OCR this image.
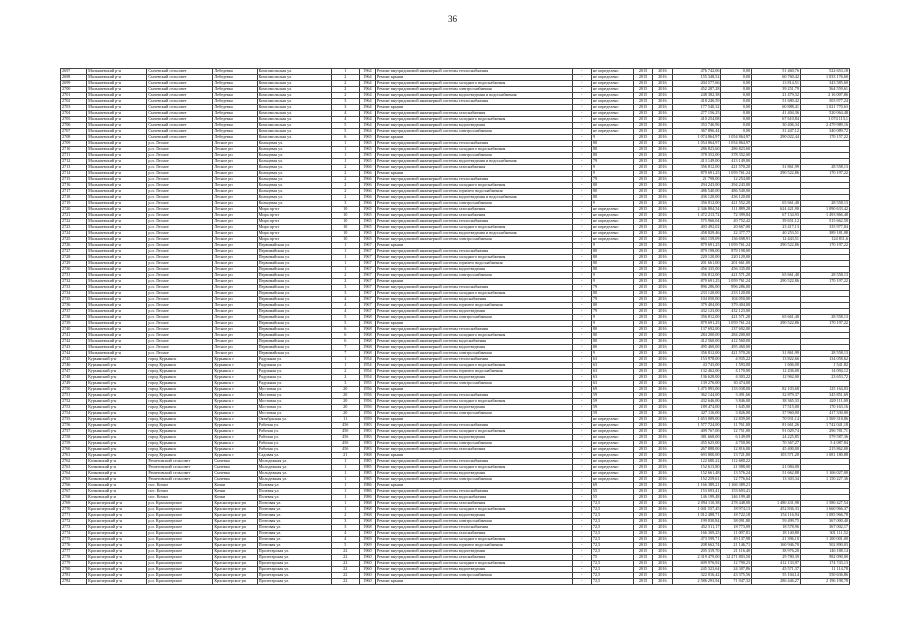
36
2697	Малышевский р-н	Сычевский сельсовет	Лебедевка	Комсомольская ул.	1	1964	Ремонт внутридомовой инженерной системы теплоснабжения	-	не определено	2015	2016	476 742,06	0,00	51 460,76	522 653,18
2698	Малышевский р-н	Сычевский сельсовет	Лебедевка	Комсомольская ул.	2	1964	Ремонт крыши	-	не определено	2015	2016	155 348,52	0,00	60 760,42	1 033 176,60
2699	Малышевский р-н	Сычевский сельсовет	Лебедевка	Комсомольская ул.	2	1964	Ремонт внутридомовой инженерной системы холодного водоснабжения	-	не определено	2015	2016	204 577,66	0,00	13 814,51	343 585,60
2700	Малышевский р-н	Сычевский сельсовет	Лебедевка	Комсомольская ул.	2	1964	Ремонт внутридомовой инженерной системы электроснабжения	-	не определено	2015	2016	452 287,28	0,00	39 251,79	564 559,61
2701	Малышевский р-н	Сычевский сельсовет	Лебедевка	Комсомольская ул.	2	1964	Ремонт внутридомовой инженерной системы водоотведения и водоснабжения	-	не определено	2015	2016	248 382,38	0,00	21 479,32	2 16 007,86
2702	Малышевский р-н	Сычевский сельсовет	Лебедевка	Комсомольская ул.	3	1964	Ремонт внутридомовой инженерной системы теплоснабжения	-	не определено	2015	2016	418 246,59	0,00	51 680,42	503 977,24
2703	Малышевский р-н	Сычевский сельсовет	Лебедевка	Комсомольская ул.	3	1964	Ремонт крыши	-	не определено	2015	2016	177 540,32	0,00	60 888,41	1 021 770,63
2704	Малышевский р-н	Сычевский сельсовет	Лебедевка	Комсомольская ул.	4	1964	Ремонт внутридомовой инженерной системы газоснабжения	-	не определено	2015	2016	277 156,25	0,00	41 404,36	520 064,48
2705	Малышевский р-н	Сычевский сельсовет	Лебедевка	Комсомольская ул.	4	1964	Ремонт внутридомовой инженерной системы холодного водоснабжения	-	не определено	2015	2016	410 254,08	0,00	67 610,84	1 074 113,1
2706	Малышевский р-н	Сычевский сельсовет	Лебедевка	Комсомольская ул.	5	1964	Ремонт внутридомовой инженерной системы водоотведения	-	не определено	2015	2016	353 746,96	0,00	30 406,34	2 479 989,16
2707	Малышевский р-н	Сычевский сельсовет	Лебедевка	Комсомольская ул.	5	1964	Ремонт внутридомовой инженерной системы электроснабжения	-	не определено	2015	2016	367 896,44	0,00	31 447,12	340 089,72
2708	Малышевский р-н	Сычевский сельсовет	Лебедевка	Комсомольская ул.	6	1965	Ремонт крыши	-	9	2015	2016	1 074 864,97	1 054 864,97	290 022,44	170 157,22
2709	Малышевский р-н	р.п. Лесное	Лесное рп	Кольцевая ул.	1	1965	Ремонт внутридомовой инженерной системы теплоснабжения	-	80	2015	2016	1 054 864,97	1 054 864,97		
2710	Малышевский р-н	р.п. Лесное	Лесное рп	Кольцевая ул.	1	1965	Ремонт внутридомовой инженерной системы холодного водоснабжения	-	80	2015	2016	286 823,60	286 823,60		
2711	Малышевский р-н	р.п. Лесное	Лесное рп	Кольцевая ул.	1	1965	Ремонт внутридомовой инженерной системы электроснабжения	-	80	2015	2016	378 352,00	378 352,00		
2712	Малышевский р-н	р.п. Лесное	Лесное рп	Кольцевая ул.	1	1965	Ремонт внутридомовой инженерной системы водоотведения и водоснабжения	-	79	2015	2016	413 149,00	413 149,00		
2713	Малышевский р-н	р.п. Лесное	Лесное рп	Кольцевая ул.	2	1966	Ремонт внутридомовой инженерной системы газоснабжения	-	9	2015	2016	356 812,00	421 570,20	31 861,99	28 558,13
2714	Малышевский р-н	р.п. Лесное	Лесное рп	Кольцевая ул.	2	1966	Ремонт крыши	-	9	2015	2016	879 691,25	1 059 761,24	290 522,86	170 197,22
2715	Малышевский р-н	р.п. Лесное	Лесное рп	Кольцевая ул.	2	1966	Ремонт внутридомовой инженерной системы теплоснабжения	-	79	2015	2016	21 798,00	12 254,00		
2716	Малышевский р-н	р.п. Лесное	Лесное рп	Кольцевая ул.	2	1966	Ремонт внутридомовой инженерной системы холодного водоснабжения	-	80	2015	2016	294 243,00	294 243,00		
2717	Малышевский р-н	р.п. Лесное	Лесное рп	Кольцевая ул.	2	1966	Ремонт внутридомовой инженерной системы горячего водоснабжения	-	80	2015	2016	486 540,00	486 540,00		
2718	Малышевский р-н	р.п. Лесное	Лесное рп	Кольцевая ул.	2	1966	Ремонт внутридомовой инженерной системы водоотведения и водоснабжения	-	80	2015	2016	436 120,00	436 120,00		
2719	Малышевский р-н	р.п. Лесное	Лесное рп	Кольцевая ул.	3	1966	Ремонт внутридомовой инженерной системы электроснабжения	-	9	2015	2016	356 812,00	421 552,20	65 661,40	28 558,13
2720	Малышевский р-н	р.п. Лесное	Лесное рп	Мира пр-кт	10	1965	Ремонт внутридомовой инженерной системы газоснабжения	-	не определено	2015	2016	2 346 804,54	111 889,28	624 421,90	1 090 633,42
2721	Малышевский р-н	р.п. Лесное	Лесное рп	Мира пр-кт	10	1965	Ремонт внутридомовой инженерной системы газоснабжения	-	не определено	2015	2016	1 472 213,72	72 399,84	67 134,93	1 493 866,48
2722	Малышевский р-н	р.п. Лесное	Лесное рп	Мира пр-кт	10	1965	Ремонт внутридомовой инженерной системы теплоснабжения	-	не определено	2015	2016	575 966,04	20 752,42	39 651,12	515 662,50
2723	Малышевский р-н	р.п. Лесное	Лесное рп	Мира пр-кт	10	1965	Ремонт внутридомовой инженерной системы холодного водоснабжения	-	не определено	2015	2016	403 492,02	20 667,00	23 417,13	335 977,84
2724	Малышевский р-н	р.п. Лесное	Лесное рп	Мира пр-кт	10	1965	Ремонт внутридомовой инженерной системы водоотведения и водоснабжения	-	не определено	2015	2016	458 829,46	22 377,77	40 253,51	389 181,08
2725	Малышевский р-н	р.п. Лесное	Лесное рп	Мира пр-кт	10	1965	Ремонт внутридомовой инженерной системы электроснабжения	-	не определено	2015	2016	663 159,09	136 698,91	12 443,51	124 811,6
2726	Малышевский р-н	р.п. Лесное	Лесное рп	Первомайская ул.	1	1967	Ремонт крыши	-	9	2015	2016	879 691,25	1 059 761,24	290 522,86	170 197,22
2727	Малышевский р-н	р.п. Лесное	Лесное рп	Первомайская ул.	1	1967	Ремонт внутридомовой инженерной системы теплоснабжения	-	80	2015	2016	879 198,00	879 198,00		
2728	Малышевский р-н	р.п. Лесное	Лесное рп	Первомайская ул.	1	1967	Ремонт внутридомовой инженерной системы холодного водоснабжения	-	80	2015	2016	220 120,00	220 120,00		
2729	Малышевский р-н	р.п. Лесное	Лесное рп	Первомайская ул.	1	1967	Ремонт внутридомовой инженерной системы горячего водоснабжения	-	80	2015	2016	201 661,00	201 661,00		
2730	Малышевский р-н	р.п. Лесное	Лесное рп	Первомайская ул.	1	1967	Ремонт внутридомовой инженерной системы водоотведения	-	80	2015	2016	456 335,00	456 335,00		
2731	Малышевский р-н	р.п. Лесное	Лесное рп	Первомайская ул.	2	1967	Ремонт внутридомовой инженерной системы электроснабжения	-	9	2015	2016	356 812,00	421 571,20	65 661,40	28 558,13
2732	Малышевский р-н	р.п. Лесное	Лесное рп	Первомайская ул.	2	1967	Ремонт крыши	-	9	2015	2016	879 691,25	1 059 761,24	290 522,86	170 197,22
2733	Малышевский р-н	р.п. Лесное	Лесное рп	Первомайская ул.	3	1967	Ремонт внутридомовой инженерной системы теплоснабжения	-	79	2015	2016	896 286,00	896 286,00		
2734	Малышевский р-н	р.п. Лесное	Лесное рп	Первомайская ул.	3	1967	Ремонт внутридомовой инженерной системы холодного водоснабжения	-	80	2015	2016	233 120,00	233 120,00		
2735	Малышевский р-н	р.п. Лесное	Лесное рп	Первомайская ул.	4	1967	Ремонт внутридомовой инженерной системы водоснабжения	-	79	2015	2016	104 050,00	104 050,00		
2736	Малышевский р-н	р.п. Лесное	Лесное рп	Первомайская ул.	4	1967	Ремонт внутридомовой инженерной системы горячего водоснабжения	-	80	2015	2016	379 404,00	379 404,00		
2737	Малышевский р-н	р.п. Лесное	Лесное рп	Первомайская ул.	4	1967	Ремонт внутридомовой инженерной системы водоотведения	-	79	2015	2016	432 123,00	432 123,00		
2738	Малышевский р-н	р.п. Лесное	Лесное рп	Первомайская ул.	5	1968	Ремонт внутридомовой инженерной системы электроснабжения	-	9	2015	2016	356 812,00	421 571,20	65 661,40	28 558,13
2739	Малышевский р-н	р.п. Лесное	Лесное рп	Первомайская ул.	5	1968	Ремонт крыши	-	9	2015	2016	879 691,25	1 059 761,24	290 522,86	170 197,22
2740	Малышевский р-н	р.п. Лесное	Лесное рп	Первомайская ул.	6	1968	Ремонт внутридомовой инженерной системы теплоснабжения	-	80	2015	2016	137 692,00	137 692,00		
2741	Малышевский р-н	р.п. Лесное	Лесное рп	Первомайская ул.	6	1968	Ремонт внутридомовой инженерной системы холодного водоснабжения	-	80	2015	2016	284 200,00	284 200,00		
2742	Малышевский р-н	р.п. Лесное	Лесное рп	Первомайская ул.	6	1968	Ремонт внутридомовой инженерной системы водоснабжения	-	80	2015	2016	412 560,00	412 560,00		
2743	Малышевский р-н	р.п. Лесное	Лесное рп	Первомайская ул.	7	1968	Ремонт внутридомовой инженерной системы водоотведения	-	80	2015	2016	495 460,00	495 460,00		
2744	Малышевский р-н	р.п. Лесное	Лесное рп	Первомайская ул.	7	1968	Ремонт внутридомовой инженерной системы электроснабжения	-	9	2015	2016	356 812,00	421 570,20	31 861,99	28 558,13
2745	Курьинский р-н	город Курьинск	Курьинск г	Радужная ул.	1	1954	Ремонт внутридомовой инженерной системы теплоснабжения	-	63	2015	2016	153 978,00	4 935,22	13 822,66	134 058,62
2746	Курьинский р-н	город Курьинск	Курьинск г	Радужная ул.	1	1954	Ремонт внутридомовой инженерной системы холодного водоснабжения	-	63	2015	2016	43 743,00	1 593,00	1 606,00	1 541,82
2747	Курьинский р-н	город Курьинск	Курьинск г	Радужная ул.	2	1954	Ремонт внутридомовой инженерной системы горячего водоснабжения	-	63	2015	2016	132 462,00	4 170,00	12 436,00	14 094,12
2748	Курьинский р-н	город Курьинск	Курьинск г	Радужная ул.	2	1954	Ремонт внутридомовой инженерной системы водоотведения	-	63	2015	2016	136 628,00	4 303,22	12 962,00	23 653,72
2749	Курьинский р-н	город Курьинск	Курьинск г	Радужная ул.	3	1955	Ремонт внутридомовой инженерной системы электроснабжения	-	63	2015	2016	139 276,00	30 474,00		
2750	Курьинский р-н	город Курьинск	Курьинск г	Мостовая ул.	20	1956	Ремонт крыши	-	69	2015	2016	1 475 893,00	133 038,00	82 103,68	125 164,03
2751	Курьинский р-н	город Курьинск	Курьинск г	Мостовая ул.	20	1956	Ремонт внутридомовой инженерной системы теплоснабжения	-	59	2015	2016	362 144,00	3 491,66	32 879,37	345 851,69
2752	Курьинский р-н	город Курьинск	Курьинск г	Мостовая ул.	20	1956	Ремонт внутридомовой инженерной системы холодного водоснабжения	-	59	2015	2016	432 646,00	3 846,00	38 365,33	420 111,00
2753	Курьинский р-н	город Курьинск	Курьинск г	Мостовая ул.	20	1956	Ремонт внутридомовой инженерной системы водоотведения	-	59	2015	2016	189 474,00	1 645,00	17 515,00	170 163,16
2754	Курьинский р-н	город Курьинск	Курьинск г	Мостовая ул.	20	1956	Ремонт внутридомовой инженерной системы электроснабжения	-	59	2015	2016	427 116,00	3 826,00	37 960,00	417 330,00
2755	Курьинский р-н	город Курьинск	Курьинск г	Октябрьская ул.	11	1959	Ремонт крыши	-	не определено	2015	2016	1 653 089,00	12 839,00	70 931,14	1 569 318,86
2756	Курьинский р-н	город Курьинск	Курьинск г	Рабочая ул.	45б	1983	Ремонт внутридомовой инженерной системы теплоснабжения	-	не определено	2015	2016	1 577 724,00	11 761,00	81 661,26	1 742 041,18
2757	Курьинский р-н	город Курьинск	Курьинск г	Рабочая ул.	45б	1983	Ремонт внутридомовой инженерной системы холодного водоснабжения	-	не определено	2015	2016	409 767,00	12 751,00	91 029,74	296 781,71
2758	Курьинский р-н	город Курьинск	Курьинск г	Рабочая ул.	45б	1983	Ремонт внутридомовой инженерной системы водоотведения	-	не определено	2015	2016	381 668,00	6 149,09	24 225,85	579 587,36
2759	Курьинский р-н	город Курьинск	Курьинск г	Рабочая ул.	45б	1983	Ремонт внутридомовой инженерной системы электроснабжения	-	не определено	2015	2016	455 625,00	4 750,00	70 367,27	5 4 087,84
2760	Курьинский р-н	город Курьинск	Курьинск г	Рабочая ул.	45б	1983	Ремонт внутридомовой инженерной системы газоснабжения	-	не определено	2015	2016	267 888,00	12 816,00	45 400,00	215 862,00
2761	Курьинский р-н	город Курьинск	Курьинск г	Садовая ул.	21	1968	Ремонт крыши	-	не определено	2015	2016	693 800,00	13 721,00	103 571,20	1 081 180,88
2762	Кочковский р-н	Решетовский сельсовет	Сычевка	Молодежная ул.	1	1985	Ремонт внутридомовой инженерной системы теплоснабжения	-	не определено	2015	2016	122 680,22	112 680,22		
2763	Кочковский р-н	Решетовский сельсовет	Сычевка	Молодежная ул.	1	1985	Ремонт внутридомовой инженерной системы холодного водоснабжения	-	не определено	2015	2016	152 613,80	21 988,00	21 084,00	
2764	Кочковский р-н	Решетовский сельсовет	Сычевка	Молодежная ул.	1	1985	Ремонт внутридомовой инженерной системы водоотведения	-	не определено	2015	2016	152 661,48	13 576,24	51 662,88	1 106 027,00
2765	Кочковский р-н	Решетовский сельсовет	Сычевка	Молодежная ул.	1	1985	Ремонт внутридомовой инженерной системы электроснабжения	-	не определено	2015	2016	152 259,61	12 776,64	13 303,34	1 150 227,36
2766	Кочковский р-н	пос. Кочки	Кочки	Полевая ул.	1	1986	Ремонт крыши	-	69	2015	2016	1 166 389,21	1 166 389,21		
2767	Кочковский р-н	пос. Кочки	Кочки	Полевая ул.	1	1986	Ремонт внутридомовой инженерной системы теплоснабжения	-	55	2015	2016	153 693,41	153 693,41		
2768	Кочковский р-н	пос. Кочки	Кочки	Полевая ул.	1	1986	Ремонт внутридомовой инженерной системы водоснабжения	-	55	2015	2016	146 199,48	146 199,48		
2769	Краснозерский р-н	р.п. Краснозерское	Краснозерское рп	Почтовая ул.	1	1968	Ремонт внутридомовой инженерной системы газоснабжения	-	72,5	2015	2016	2 094 110,38	278 448,00	1 480 431,98	1 580 427,54
2770	Краснозерский р-н	р.п. Краснозерское	Краснозерское рп	Почтовая ул.	1	1968	Ремонт внутридомовой инженерной системы холодного водоснабжения	-	72,5	2015	2016	1 041 557,45	18 974,13	452 836,33	1 660 966,37
2771	Краснозерский р-н	р.п. Краснозерское	Краснозерское рп	Почтовая ул.	2	1968	Ремонт внутридомовой инженерной системы водоотведения	-	72,5	2015	2016	1 012 488,71	18 722,18	154 116,94	1 085 966,78
2772	Краснозерский р-н	р.п. Краснозерское	Краснозерское рп	Почтовая ул.	3	1968	Ремонт внутридомовой инженерной системы электроснабжения	-	72,5	2015	2016	199 830,84	38 091,80	59 499,75	367 000,40
2773	Краснозерский р-н	р.п. Краснозерское	Краснозерское рп	Почтовая ул.	3	1968	Ремонт внутридомовой инженерной системы теплоснабжения	-	72,5	2015	2016	452 511,17	18 773,09	18 578,96	367 002,17
2774	Краснозерский р-н	р.п. Краснозерское	Краснозерское рп	Почтовая ул.	4	1969	Ремонт внутридомовой инженерной системы газоснабжения	-	72,5	2015	2016	166 309,25	11 097,81	18 140,80	301 111,52
2775	Краснозерский р-н	р.п. Краснозерское	Краснозерское рп	Почтовая ул.	4	1969	Ремонт внутридомовой инженерной системы холодного водоснабжения	-	72,5	2015	2016	473 599,71	49 137,98	21 396,10	1 100 001,00
2776	Краснозерский р-н	р.п. Краснозерское	Краснозерское рп	Почтовая ул.	5	1969	Ремонт внутридомовой инженерной системы горячего водоснабжения	-	72,5	2015	2016	208 662,74	21 146,71	160 946,70	502 890,03
2777	Краснозерский р-н	р.п. Краснозерское	Краснозерское рп	Пролетарская ул.	22	1960	Ремонт внутридомовой инженерной системы водоотведения	-	72,5	2015	2016	205 319,70	21 116,40	38 976,20	146 188,14
2778	Краснозерский р-н	р.п. Краснозерское	Краснозерское рп	Пролетарская ул.	22	1960	Ремонт внутридомовой инженерной системы газоснабжения	-	75	2015	2016	2 319 479,00	12 271 803,50	29 780,39	982 090,00
2779	Краснозерский р-н	р.п. Краснозерское	Краснозерское рп	Пролетарская ул.	22	1960	Ремонт внутридомовой инженерной системы холодного водоснабжения	-	72,5	2015	2016	609 976,92	12 790,23	412 133,97	174 743,13
2780	Краснозерский р-н	р.п. Краснозерское	Краснозерское рп	Пролетарская ул.	22	1960	Ремонт внутридомовой инженерной системы водоотведения	-	72,5	2015	2016	245 323,64	24 307,86	45 571,37	11 114,78
2781	Краснозерский р-н	р.п. Краснозерское	Краснозерское рп	Пролетарская ул.	22	1960	Ремонт внутридомовой инженерной системы электроснабжения	-	72,5	2015	2016	322 016,42	43 375,56	55 104,14	550 636,86
2782	Краснозерский р-н	р.п. Краснозерское	Краснозерское рп	Пролетарская ул.	22	1960	Ремонт крыши	-	72,5	2015	2016	2 586 293,94	71 947,32	286 446,27	2 196 198,78
